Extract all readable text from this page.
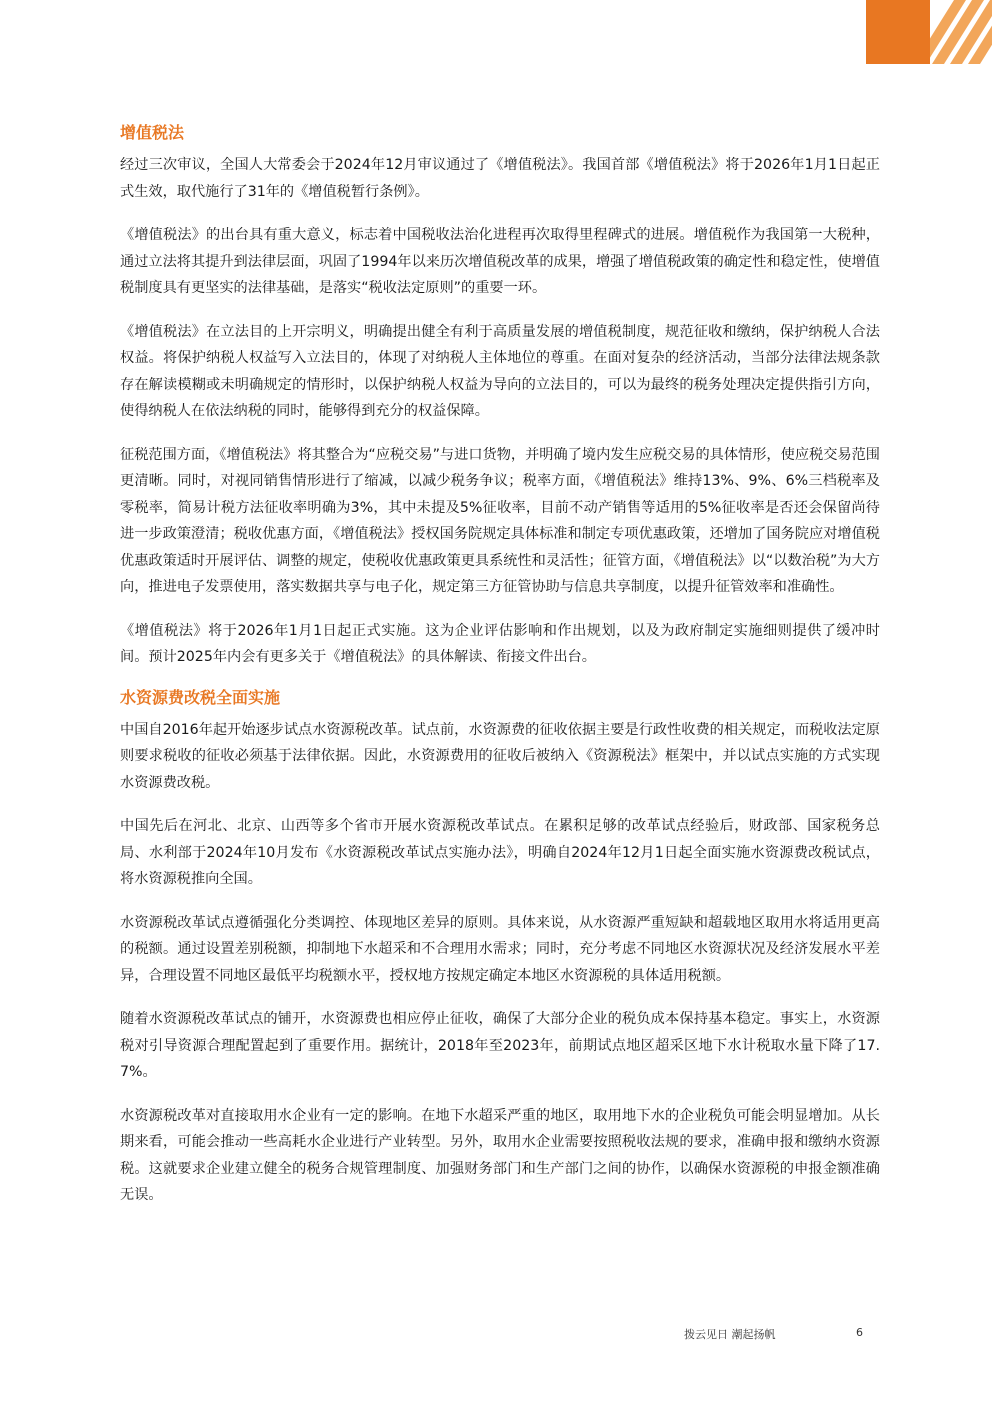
增值税法

经过三次审议，全国人大常委会于2024年12月审议通过了《增值税法》。我国首部《增值税法》将于2026年1月1日起正式生效，取代施行了31年的《增值税暂行条例》。

《增值税法》的出台具有重大意义，标志着中国税收法治化进程再次取得里程碑式的进展。增值税作为我国第一大税种，通过立法将其提升到法律层面，巩固了1994年以来历次增值税改革的成果，增强了增值税政策的确定性和稳定性，使增值税制度具有更坚实的法律基础，是落实“税收法定原则”的重要一环。

《增值税法》在立法目的上开宗明义，明确提出健全有利于高质量发展的增值税制度，规范征收和缴纳，保护纳税人合法权益。将保护纳税人权益写入立法目的，体现了对纳税人主体地位的尊重。在面对复杂的经济活动，当部分法律法规条款存在解读模糊或未明确规定的情形时，以保护纳税人权益为导向的立法目的，可以为最终的税务处理决定提供指引方向，使得纳税人在依法纳税的同时，能够得到充分的权益保障。

征税范围方面，《增值税法》将其整合为“应税交易”与进口货物，并明确了境内发生应税交易的具体情形，使应税交易范围更清晰。同时，对视同销售情形进行了缩减，以减少税务争议；税率方面，《增值税法》维持13%、9%、6%三档税率及零税率，简易计税方法征收率明确为3%，其中未提及5%征收率，目前不动产销售等适用的5%征收率是否还会保留尚待进一步政策澄清；税收优惠方面，《增值税法》授权国务院规定具体标准和制定专项优惠政策，还增加了国务院应对增值税优惠政策适时开展评估、调整的规定，使税收优惠政策更具系统性和灵活性；征管方面，《增值税法》以“以数治税”为大方向，推进电子发票使用，落实数据共享与电子化，规定第三方征管协助与信息共享制度，以提升征管效率和准确性。

《增值税法》将于2026年1月1日起正式实施。这为企业评估影响和作出规划，以及为政府制定实施细则提供了缓冲时间。预计2025年内会有更多关于《增值税法》的具体解读、衔接文件出台。

水资源费改税全面实施

中国自2016年起开始逐步试点水资源税改革。试点前，水资源费的征收依据主要是行政性收费的相关规定，而税收法定原则要求税收的征收必须基于法律依据。因此，水资源费用的征收后被纳入《资源税法》框架中，并以试点实施的方式实现水资源费改税。

中国先后在河北、北京、山西等多个省市开展水资源税改革试点。在累积足够的改革试点经验后，财政部、国家税务总局、水利部于2024年10月发布《水资源税改革试点实施办法》，明确自2024年12月1日起全面实施水资源费改税试点，将水资源税推向全国。

水资源税改革试点遵循强化分类调控、体现地区差异的原则。具体来说，从水资源严重短缺和超载地区取用水将适用更高的税额。通过设置差别税额，抑制地下水超采和不合理用水需求；同时，充分考虑不同地区水资源状况及经济发展水平差异，合理设置不同地区最低平均税额水平，授权地方按规定确定本地区水资源税的具体适用税额。

随着水资源税改革试点的铺开，水资源费也相应停止征收，确保了大部分企业的税负成本保持基本稳定。事实上，水资源税对引导资源合理配置起到了重要作用。据统计，2018年至2023年，前期试点地区超采区地下水计税取水量下降了17.7%。

水资源税改革对直接取用水企业有一定的影响。在地下水超采严重的地区，取用地下水的企业税负可能会明显增加。从长期来看，可能会推动一些高耗水企业进行产业转型。另外，取用水企业需要按照税收法规的要求，准确申报和缴纳水资源税。这就要求企业建立健全的税务合规管理制度、加强财务部门和生产部门之间的协作，以确保水资源税的申报金额准确无误。

拨云见日 潮起扬帆	6
